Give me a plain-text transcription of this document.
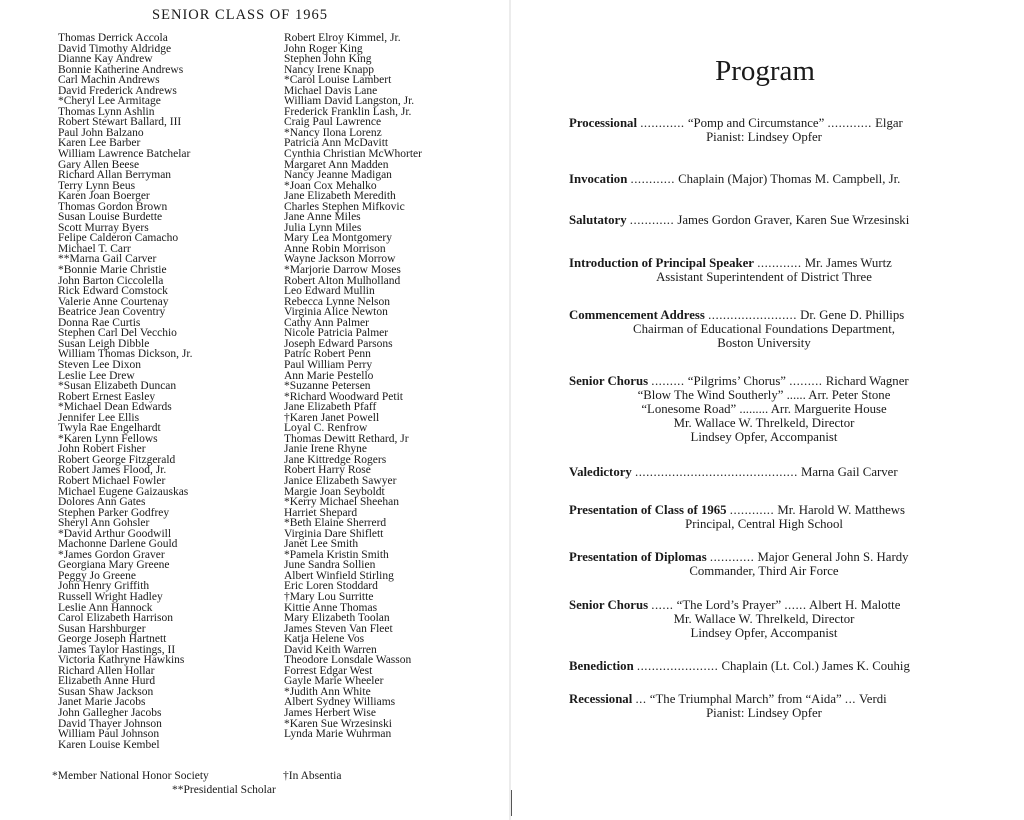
SENIOR CLASS OF 1965
Thomas Derrick Accola
David Timothy Aldridge
Dianne Kay Andrew
Bonnie Katherine Andrews
Carl Machin Andrews
David Frederick Andrews
*Cheryl Lee Armitage
Thomas Lynn Ashlin
Robert Stewart Ballard, III
Paul John Balzano
Karen Lee Barber
William Lawrence Batchelar
Gary Allen Beese
Richard Allan Berryman
Terry Lynn Beus
Karen Joan Boerger
Thomas Gordon Brown
Susan Louise Burdette
Scott Murray Byers
Felipe Calderon Camacho
Michael T. Carr
**Marna Gail Carver
*Bonnie Marie Christie
John Barton Ciccolella
Rick Edward Comstock
Valerie Anne Courtenay
Beatrice Jean Coventry
Donna Rae Curtis
Stephen Carl Del Vecchio
Susan Leigh Dibble
William Thomas Dickson, Jr.
Steven Lee Dixon
Leslie Lee Drew
*Susan Elizabeth Duncan
Robert Ernest Easley
*Michael Dean Edwards
Jennifer Lee Ellis
Twyla Rae Engelhardt
*Karen Lynn Fellows
John Robert Fisher
Robert George Fitzgerald
Robert James Flood, Jr.
Robert Michael Fowler
Michael Eugene Gaizauskas
Dolores Ann Gates
Stephen Parker Godfrey
Sheryl Ann Gohsler
*David Arthur Goodwill
Machonne Darlene Gould
*James Gordon Graver
Georgiana Mary Greene
Peggy Jo Greene
John Henry Griffith
Russell Wright Hadley
Leslie Ann Hannock
Carol Elizabeth Harrison
Susan Harshburger
George Joseph Hartnett
James Taylor Hastings, II
Victoria Kathryne Hawkins
Richard Allen Hollar
Elizabeth Anne Hurd
Susan Shaw Jackson
Janet Marie Jacobs
John Gallegher Jacobs
David Thayer Johnson
William Paul Johnson
Karen Louise Kembel
Robert Elroy Kimmel, Jr.
John Roger King
Stephen John King
Nancy Irene Knapp
*Carol Louise Lambert
Michael Davis Lane
William David Langston, Jr.
Frederick Franklin Lash, Jr.
Craig Paul Lawrence
*Nancy Ilona Lorenz
Patricia Ann McDavitt
Cynthia Christian McWhorter
Margaret Ann Madden
Nancy Jeanne Madigan
*Joan Cox Mehalko
Jane Elizabeth Meredith
Charles Stephen Mifkovic
Jane Anne Miles
Julia Lynn Miles
Mary Lea Montgomery
Anne Robin Morrison
Wayne Jackson Morrow
*Marjorie Darrow Moses
Robert Alton Mulholland
Leo Edward Mullin
Rebecca Lynne Nelson
Virginia Alice Newton
Cathy Ann Palmer
Nicole Patricia Palmer
Joseph Edward Parsons
Patric Robert Penn
Paul William Perry
Ann Marie Pestello
*Suzanne Petersen
*Richard Woodward Petit
Jane Elizabeth Pfaff
†Karen Janet Powell
Loyal C. Renfrow
Thomas Dewitt Rethard, Jr
Janie Irene Rhyne
Jane Kittredge Rogers
Robert Harry Rose
Janice Elizabeth Sawyer
Margie Joan Seyboldt
*Kerry Michael Sheehan
Harriet Shepard
*Beth Elaine Sherrerd
Virginia Dare Shiflett
Janet Lee Smith
*Pamela Kristin Smith
June Sandra Sollien
Albert Winfield Stirling
Eric Loren Stoddard
†Mary Lou Surritte
Kittie Anne Thomas
Mary Elizabeth Toolan
James Steven Van Fleet
Katja Helene Vos
David Keith Warren
Theodore Lonsdale Wasson
Forrest Edgar West
Gayle Marie Wheeler
*Judith Ann White
Albert Sydney Williams
James Herbert Wise
*Karen Sue Wrzesinski
Lynda Marie Wuhrman
*Member National Honor Society	†In Absentia
**Presidential Scholar
Program
Processional ............ “Pomp and Circumstance” ............ Elgar
Pianist: Lindsey Opfer
Invocation ............ Chaplain (Major) Thomas M. Campbell, Jr.
Salutatory ............ James Gordon Graver, Karen Sue Wrzesinski
Introduction of Principal Speaker ............ Mr. James Wurtz
Assistant Superintendent of District Three
Commencement Address ........................ Dr. Gene D. Phillips
Chairman of Educational Foundations Department,
Boston University
Senior Chorus ......... “Pilgrims’ Chorus” ......... Richard Wagner
“Blow The Wind Southerly” ...... Arr. Peter Stone
“Lonesome Road” ......... Arr. Marguerite House
Mr. Wallace W. Threlkeld, Director
Lindsey Opfer, Accompanist
Valedictory ............................................ Marna Gail Carver
Presentation of Class of 1965 ............ Mr. Harold W. Matthews
Principal, Central High School
Presentation of Diplomas ............ Major General John S. Hardy
Commander, Third Air Force
Senior Chorus ...... “The Lord’s Prayer” ...... Albert H. Malotte
Mr. Wallace W. Threlkeld, Director
Lindsey Opfer, Accompanist
Benediction ...................... Chaplain (Lt. Col.) James K. Couhig
Recessional ... “The Triumphal March” from “Aida” ... Verdi
Pianist: Lindsey Opfer
